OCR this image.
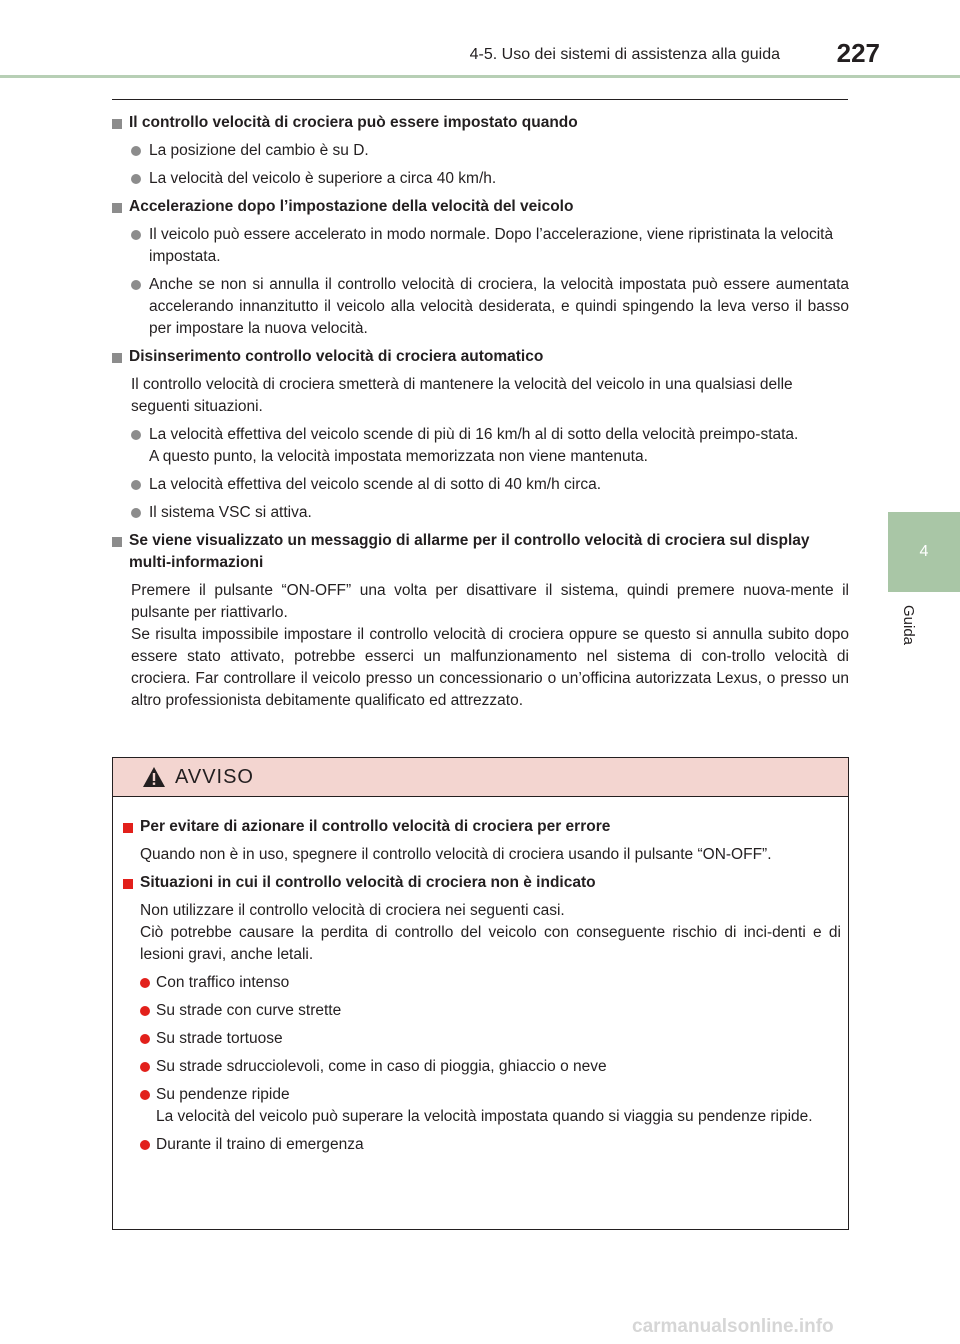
4-5. Uso dei sistemi di assistenza alla guida 227
4
Guida
Il controllo velocità di crociera può essere impostato quando
La posizione del cambio è su D.
La velocità del veicolo è superiore a circa 40 km/h.
Accelerazione dopo l’impostazione della velocità del veicolo
Il veicolo può essere accelerato in modo normale. Dopo l’accelerazione, viene ripristinata la velocità impostata.
Anche se non si annulla il controllo velocità di crociera, la velocità impostata può essere aumentata accelerando innanzitutto il veicolo alla velocità desiderata, e quindi spingendo la leva verso il basso per impostare la nuova velocità.
Disinserimento controllo velocità di crociera automatico
Il controllo velocità di crociera smetterà di mantenere la velocità del veicolo in una qualsiasi delle seguenti situazioni.
La velocità effettiva del veicolo scende di più di 16 km/h al di sotto della velocità preimpo-stata.
A questo punto, la velocità impostata memorizzata non viene mantenuta.
La velocità effettiva del veicolo scende al di sotto di 40 km/h circa.
Il sistema VSC si attiva.
Se viene visualizzato un messaggio di allarme per il controllo velocità di crociera sul display multi-informazioni
Premere il pulsante “ON-OFF” una volta per disattivare il sistema, quindi premere nuova-mente il pulsante per riattivarlo.
Se risulta impossibile impostare il controllo velocità di crociera oppure se questo si annulla subito dopo essere stato attivato, potrebbe esserci un malfunzionamento nel sistema di con-trollo velocità di crociera. Far controllare il veicolo presso un concessionario o un’officina autorizzata Lexus, o presso un altro professionista debitamente qualificato ed attrezzato.
AVVISO
Per evitare di azionare il controllo velocità di crociera per errore
Quando non è in uso, spegnere il controllo velocità di crociera usando il pulsante “ON-OFF”.
Situazioni in cui il controllo velocità di crociera non è indicato
Non utilizzare il controllo velocità di crociera nei seguenti casi.
Ciò potrebbe causare la perdita di controllo del veicolo con conseguente rischio di inci-denti e di lesioni gravi, anche letali.
Con traffico intenso
Su strade con curve strette
Su strade tortuose
Su strade sdrucciolevoli, come in caso di pioggia, ghiaccio o neve
Su pendenze ripide
La velocità del veicolo può superare la velocità impostata quando si viaggia su pendenze ripide.
Durante il traino di emergenza
carmanualsonline.info
